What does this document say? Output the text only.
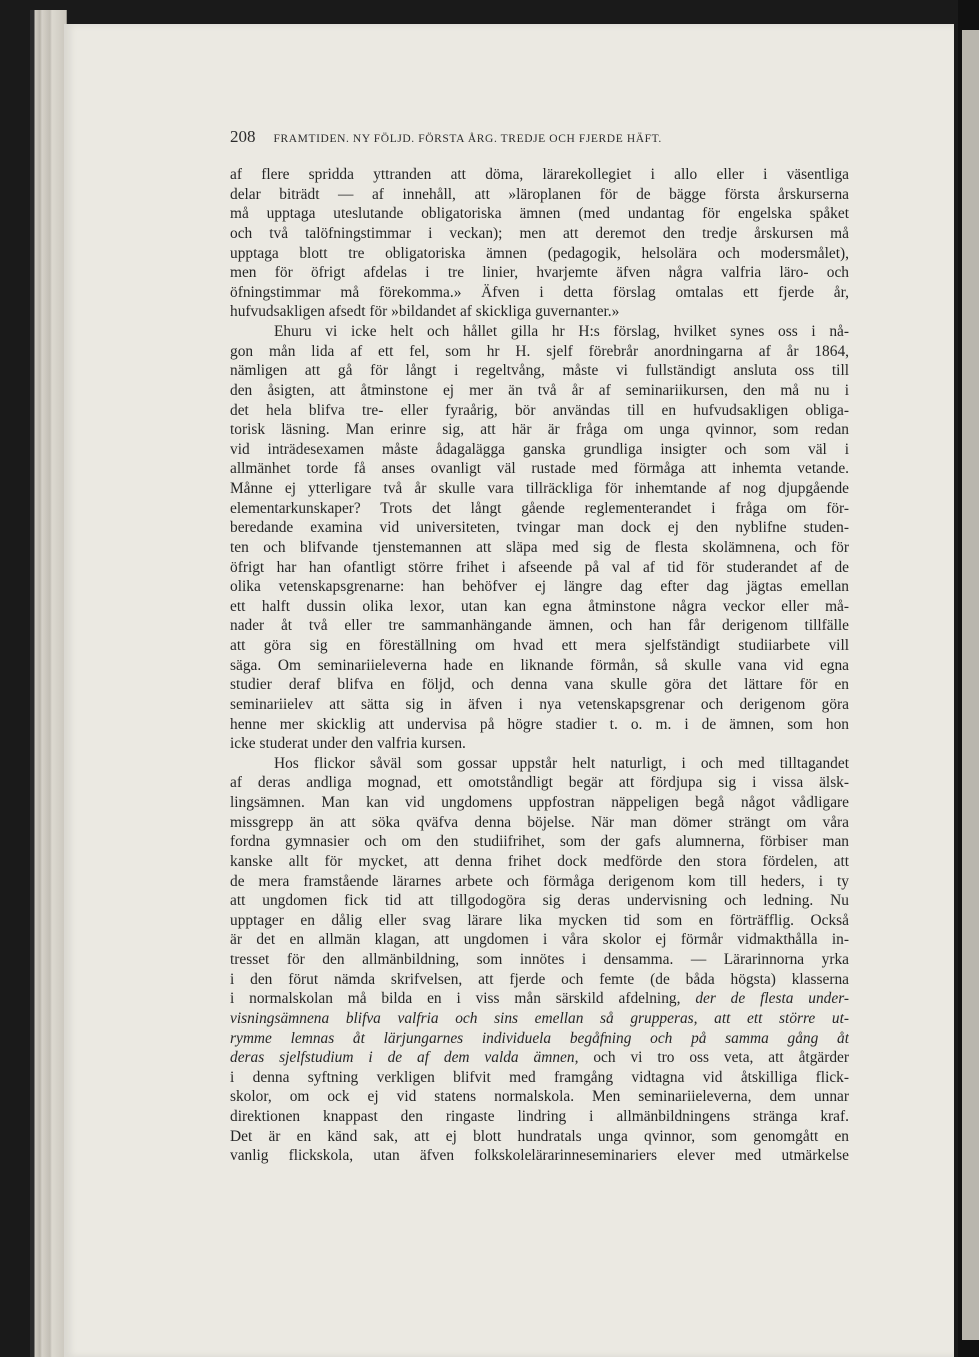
208 FRAMTIDEN. NY FÖLJD. FÖRSTA ÅRG. TREDJE OCH FJERDE HÄFT.
af flere spridda yttranden att döma, lärarekollegiet i allo eller i väsentliga
delar biträdt — af innehåll, att »läroplanen för de bägge första årskurserna
må upptaga uteslutande obligatoriska ämnen (med undantag för engelska spåket
och två talöfningstimmar i veckan); men att deremot den tredje årskursen må
upptaga blott tre obligatoriska ämnen (pedagogik, helsolära och modersmålet),
men för öfrigt afdelas i tre linier, hvarjemte äfven några valfria läro- och
öfningstimmar må förekomma.» Äfven i detta förslag omtalas ett fjerde år,
hufvudsakligen afsedt för »bildandet af skickliga guvernanter.»
Ehuru vi icke helt och hållet gilla hr H:s förslag, hvilket synes oss i nå-
gon mån lida af ett fel, som hr H. sjelf förebrår anordningarna af år 1864,
nämligen att gå för långt i regeltvång, måste vi fullständigt ansluta oss till
den åsigten, att åtminstone ej mer än två år af seminariikursen, den må nu i
det hela blifva tre- eller fyraårig, bör användas till en hufvudsakligen obliga-
torisk läsning. Man erinre sig, att här är fråga om unga qvinnor, som redan
vid inträdesexamen måste ådagalägga ganska grundliga insigter och som väl i
allmänhet torde få anses ovanligt väl rustade med förmåga att inhemta vetande.
Månne ej ytterligare två år skulle vara tillräckliga för inhemtande af nog djupgående
elementarkunskaper? Trots det långt gående reglementerandet i fråga om för-
beredande examina vid universiteten, tvingar man dock ej den nyblifne studen-
ten och blifvande tjenstemannen att släpa med sig de flesta skolämnena, och för
öfrigt har han ofantligt större frihet i afseende på val af tid för studerandet af de
olika vetenskapsgrenarne: han behöfver ej längre dag efter dag jägtas emellan
ett halft dussin olika lexor, utan kan egna åtminstone några veckor eller må-
nader åt två eller tre sammanhängande ämnen, och han får derigenom tillfälle
att göra sig en föreställning om hvad ett mera sjelfständigt studiiarbete vill
säga. Om seminariieleverna hade en liknande förmån, så skulle vana vid egna
studier deraf blifva en följd, och denna vana skulle göra det lättare för en
seminariielev att sätta sig in äfven i nya vetenskapsgrenar och derigenom göra
henne mer skicklig att undervisa på högre stadier t. o. m. i de ämnen, som hon
icke studerat under den valfria kursen.
Hos flickor såväl som gossar uppstår helt naturligt, i och med tilltagandet
af deras andliga mognad, ett omotståndligt begär att fördjupa sig i vissa älsk-
lingsämnen. Man kan vid ungdomens uppfostran näppeligen begå något vådligare
missgrepp än att söka qväfva denna böjelse. När man dömer strängt om våra
fordna gymnasier och om den studiifrihet, som der gafs alumnerna, förbiser man
kanske allt för mycket, att denna frihet dock medförde den stora fördelen, att
de mera framstående lärarnes arbete och förmåga derigenom kom till heders, i ty
att ungdomen fick tid att tillgodogöra sig deras undervisning och ledning. Nu
upptager en dålig eller svag lärare lika mycken tid som en förträfflig. Också
är det en allmän klagan, att ungdomen i våra skolor ej förmår vidmakthålla in-
tresset för den allmänbildning, som innötes i densamma. — Lärarinnorna yrka
i den förut nämda skrifvelsen, att fjerde och femte (de båda högsta) klasserna
i normalskolan må bilda en i viss mån särskild afdelning, der de flesta under-
visningsämnena blifva valfria och sins emellan så grupperas, att ett större ut-
rymme lemnas åt lärjungarnes individuela begåfning och på samma gång åt
deras sjelfstudium i de af dem valda ämnen, och vi tro oss veta, att åtgärder
i denna syftning verkligen blifvit med framgång vidtagna vid åtskilliga flick-
skolor, om ock ej vid statens normalskola. Men seminariieleverna, dem unnar
direktionen knappast den ringaste lindring i allmänbildningens stränga kraf.
Det är en känd sak, att ej blott hundratals unga qvinnor, som genomgått en
vanlig flickskola, utan äfven folkskolelärarinneseminariers elever med utmärkelse
